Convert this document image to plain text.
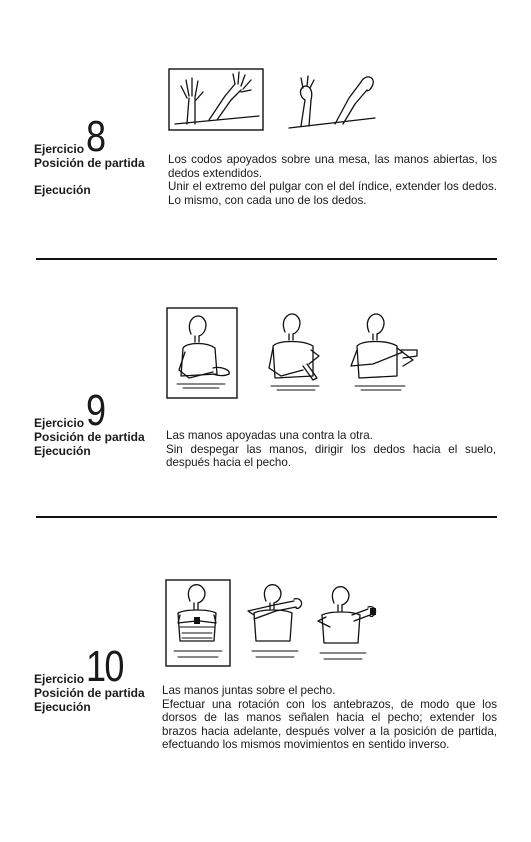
Ejercicio 8
Posición de partida
Ejecución

Los codos apoyados sobre una mesa, las manos abiertas, los dedos extendidos.

Unir el extremo del pulgar con el del índice, extender los dedos. Lo mismo, con cada uno de los dedos.

Ejercicio 9
Posición de partida
Ejecución

Las manos apoyadas una contra la otra.

Sin despegar las manos, dirigir los dedos hacia el suelo, después hacia el pecho.

Ejercicio 10
Posición de partida
Ejecución

Las manos juntas sobre el pecho.

Efectuar una rotación con los antebrazos, de modo que los dorsos de las manos señalen hacia el pecho; extender los brazos hacia adelante, después volver a la posición de partida, efectuando los mismos movimientos en sentido inverso.
